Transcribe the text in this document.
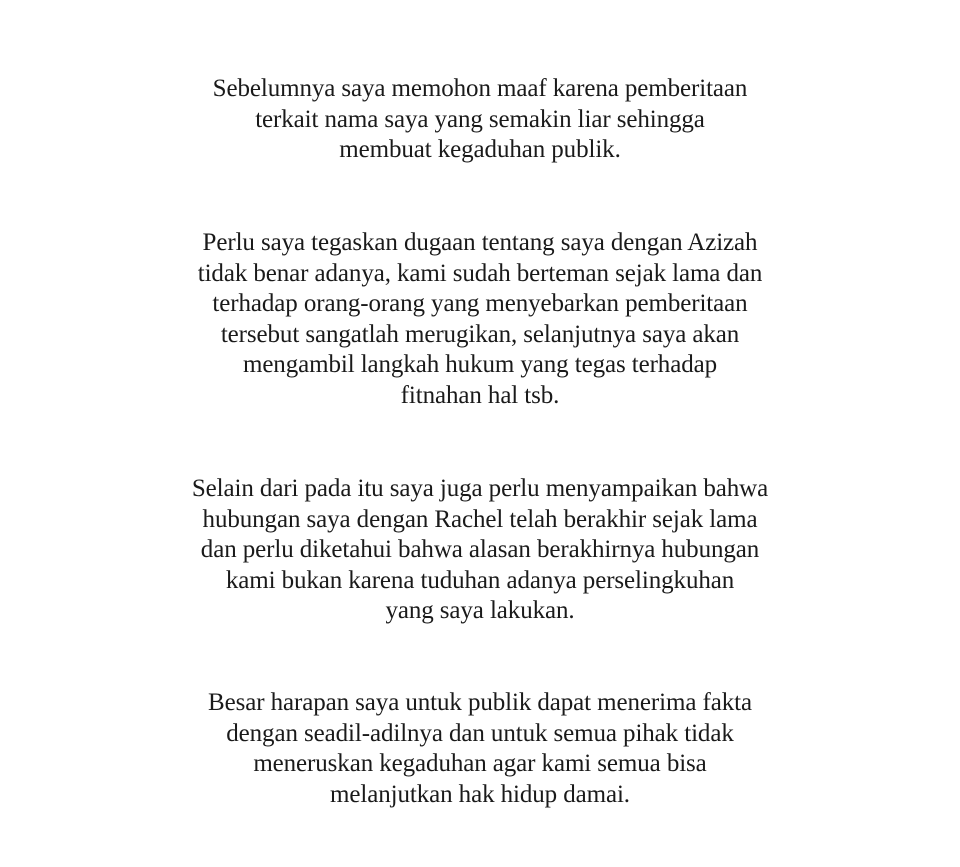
Sebelumnya saya memohon maaf karena pemberitaan
terkait nama saya yang semakin liar sehingga
membuat kegaduhan publik.

Perlu saya tegaskan dugaan tentang saya dengan Azizah
tidak benar adanya, kami sudah berteman sejak lama dan
terhadap orang-orang yang menyebarkan pemberitaan
tersebut sangatlah merugikan, selanjutnya saya akan
mengambil langkah hukum yang tegas terhadap
fitnahan hal tsb.

Selain dari pada itu saya juga perlu menyampaikan bahwa
hubungan saya dengan Rachel telah berakhir sejak lama
dan perlu diketahui bahwa alasan berakhirnya hubungan
kami bukan karena tuduhan adanya perselingkuhan
yang saya lakukan.

Besar harapan saya untuk publik dapat menerima fakta
dengan seadil-adilnya dan untuk semua pihak tidak
meneruskan kegaduhan agar kami semua bisa
melanjutkan hak hidup damai.
